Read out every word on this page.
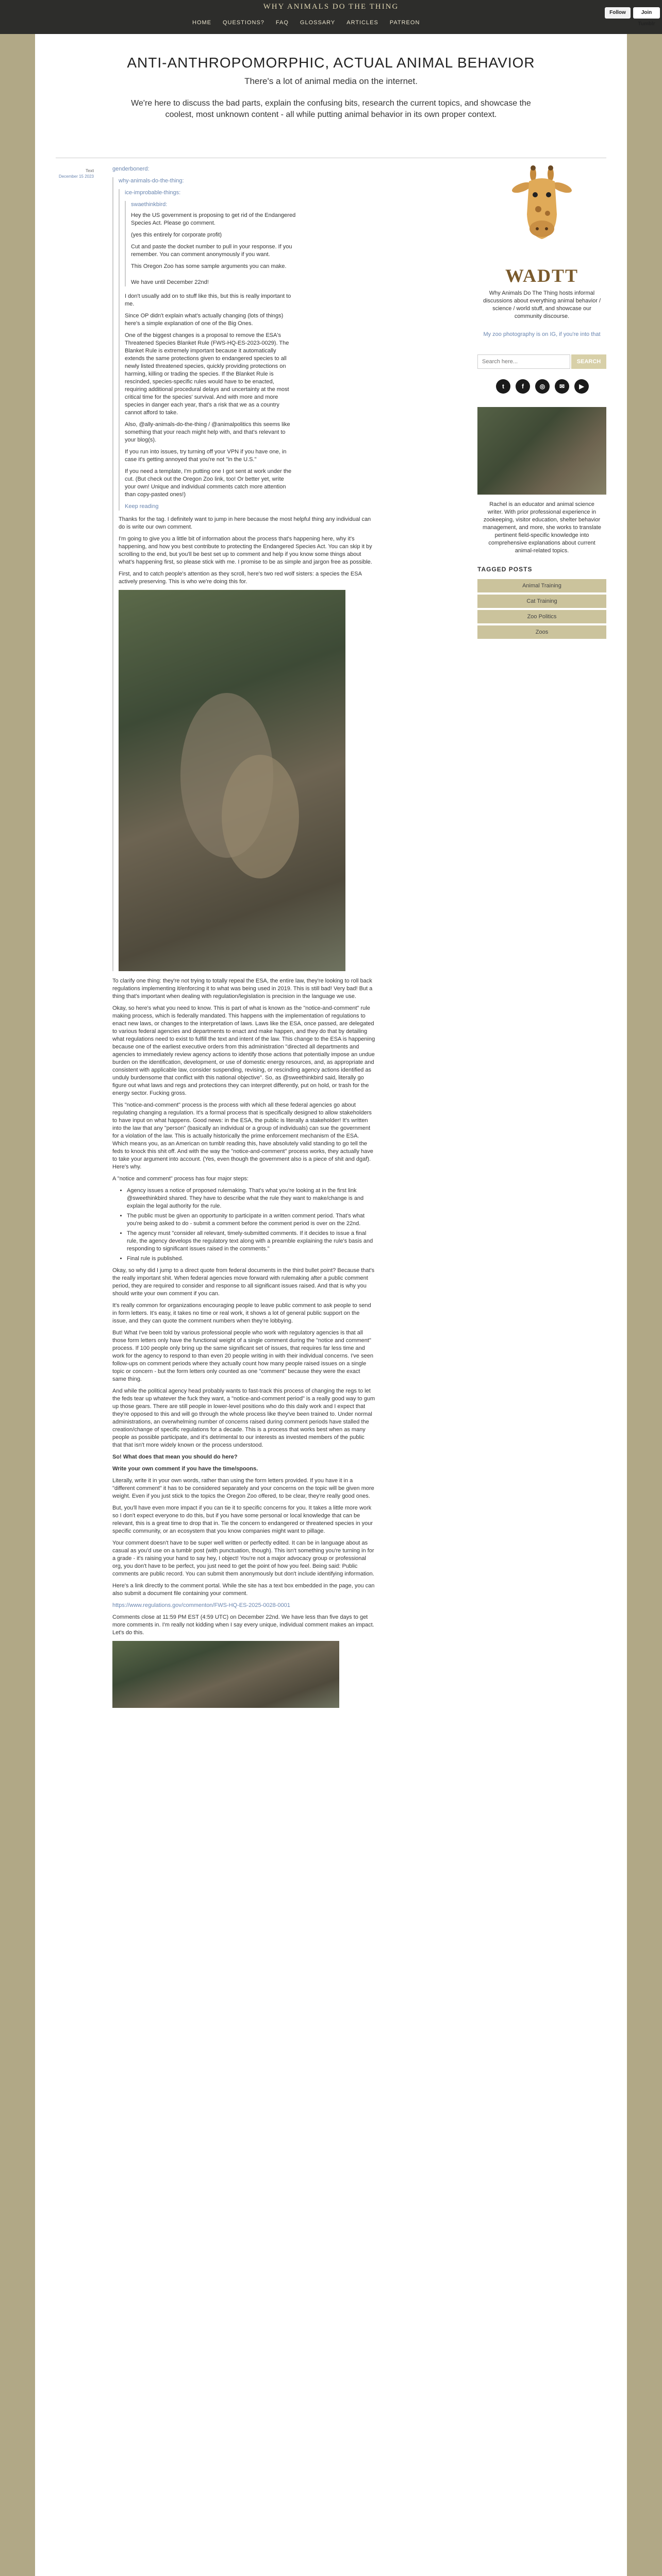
WHY ANIMALS DO THE THING
HOME	QUESTIONS?	FAQ	GLOSSARY	ARTICLES	PATREON
Follow	Join Tumblr
ANTI-ANTHROPOMORPHIC, ACTUAL ANIMAL BEHAVIOR
There's a lot of animal media on the internet.
We're here to discuss the bad parts, explain the confusing bits, research the current topics, and showcase the coolest, most unknown content - all while putting animal behavior in its own proper context.
Text
December 15 2023
genderbonerd:
why-animals-do-the-thing:
ice-improbable-things:
swaethinkbird:

Hey the US government is proposing to get rid of the Endangered Species Act. Please go comment.

(yes this entirely for corporate profit)

Cut and paste the docket number to pull in your response. If you remember. You can comment anonymously if you want.

This Oregon Zoo has some sample arguments you can make.

We have until December 22nd!

I don't usually add on to stuff like this, but this is really important to me.

Since OP didn't explain what's actually changing (lots of things) here's a simple explanation of one of the Big Ones.

One of the biggest changes is a proposal to remove the ESA's Threatened Species Blanket Rule (FWS-HQ-ES-2023-0029). The Blanket Rule is extremely important because it automatically extends the same protections given to endangered species to all newly listed threatened species, quickly providing protections on harming, killing or trading the species. If the Blanket Rule is rescinded, species-specific rules would have to be enacted, requiring additional procedural delays and uncertainty at the most critical time for the species' survival. And with more and more species in danger each year, that's a risk that we as a country cannot afford to take.

Also, @ally-animals-do-the-thing / @animalpolitics this seems like something that your reach might help with, and that's relevant to your blog(s).

If you run into issues, try turning off your VPN if you have one, in case it's getting annoyed that you're not "in the U.S."

If you need a template, I'm putting one I got sent at work under the cut. (But check out the Oregon Zoo link, too! Or better yet, write your own! Unique and individual comments catch more attention than copy-pasted ones!)

Keep reading

Thanks for the tag. I definitely want to jump in here because the most helpful thing any individual can do is write our own comment.

I'm going to give you a little bit of information about the process that's happening here, why it's happening, and how you best contribute to protecting the Endangered Species Act. You can skip it by scrolling to the end, but you'll be best set up to comment and help if you know some things about what's happening first, so please stick with me. I promise to be as simple and jargon free as possible.

First, and to catch people's attention as they scroll, here's two red wolf sisters: a species the ESA actively preserving. This is who we're doing this for.

To clarify one thing: they're not trying to totally repeal the ESA, the entire law, they're looking to roll back regulations implementing it/enforcing it to what was being used in 2019. This is still bad! Very bad! But a thing that's important when dealing with regulation/legislation is precision in the language we use.

Okay, so here's what you need to know. This is part of what is known as the "notice-and-comment" rule making process, which is federally mandated. This happens with the implementation of regulations to enact new laws, or changes to the interpretation of laws. Laws like the ESA, once passed, are delegated to various federal agencies and departments to enact and make happen, and they do that by detailing what regulations need to exist to fulfill the text and intent of the law. This change to the ESA is happening because one of the earliest executive orders from this administration "directed all departments and agencies to immediately review agency actions to identify those actions that potentially impose an undue burden on the identification, development, or use of domestic energy resources, and, as appropriate and consistent with applicable law, consider suspending, revising, or rescinding agency actions identified as unduly burdensome that conflict with this national objective". So, as @sweethinkbird said, literally go figure out what laws and regs and protections they can interpret differently, put on hold, or trash for the energy sector. Fucking gross.

This "notice-and-comment" process is the process with which all these federal agencies go about regulating changing a regulation. It's a formal process that is specifically designed to allow stakeholders to have input on what happens. Good news: in the ESA, the public is literally a stakeholder! It's written into the law that any "person" (basically an individual or a group of individuals) can sue the government for a violation of the law. This is actually historically the prime enforcement mechanism of the ESA. Which means you, as an American on tumblr reading this, have absolutely valid standing to go tell the feds to knock this shit off. And with the way the "notice-and-comment" process works, they actually have to take your argument into account. (Yes, even though the government also is a piece of shit and dgaf). Here's why.

A "notice and comment" process has four major steps:

• Agency issues a notice of proposed rulemaking. That's what you're looking at in the first link @sweethinkbird shared. They have to describe what the rule they want to make/change is and explain the legal authority for the rule.
• The public must be given an opportunity to participate in a written comment period. That's what you're being asked to do - submit a comment before the comment period is over on the 22nd.
• The agency must "consider all relevant, timely-submitted comments. If it decides to issue a final rule, the agency develops the regulatory text along with a preamble explaining the rule's basis and responding to significant issues raised in the comments."
• Final rule is published.

Okay, so why did I jump to a direct quote from federal documents in the third bullet point? Because that's the really important shit. When federal agencies move forward with rulemaking after a public comment period, they are required to consider and response to all significant issues raised. And that is why you should write your own comment if you can.

It's really common for organizations encouraging people to leave public comment to ask people to send in form letters. It's easy, it takes no time or real work, it shows a lot of general public support on the issue, and they can quote the comment numbers when they're lobbying.

But! What I've been told by various professional people who work with regulatory agencies is that all those form letters only have the functional weight of a single comment during the "notice and comment" process. If 100 people only bring up the same significant set of issues, that requires far less time and work for the agency to respond to than even 20 people writing in with their individual concerns. I've seen follow-ups on comment periods where they actually count how many people raised issues on a single topic or concern - but the form letters only counted as one "comment" because they were the exact same thing.

And while the political agency head probably wants to fast-track this process of changing the regs to let the feds tear up whatever the fuck they want, a "notice-and-comment period" is a really good way to gum up those gears. There are still people in lower-level positions who do this daily work and I expect that they're opposed to this and will go through the whole process like they've been trained to. Under normal administrations, an overwhelming number of concerns raised during comment periods have stalled the creation/change of specific regulations for a decade. This is a process that works best when as many people as possible participate, and it's detrimental to our interests as invested members of the public that that isn't more widely known or the process understood.

So! What does that mean you should do here?

Write your own comment if you have the time/spoons.

Literally, write it in your own words, rather than using the form letters provided. If you have it in a "different comment" it has to be considered separately and your concerns on the topic will be given more weight. Even if you just stick to the topics the Oregon Zoo offered, to be clear, they're really good ones.

But, you'll have even more impact if you can tie it to specific concerns for you. It takes a little more work so I don't expect everyone to do this, but if you have some personal or local knowledge that can be relevant, this is a great time to drop that in. Tie the concern to endangered or threatened species in your specific community, or an ecosystem that you know companies might want to pillage.

Your comment doesn't have to be super well written or perfectly edited. It can be in language about as casual as you'd use on a tumblr post (with punctuation, though). This isn't something you're turning in for a grade - it's raising your hand to say hey, I object! You're not a major advocacy group or professional org, you don't have to be perfect, you just need to get the point of how you feel. Being said: Public comments are public record. You can submit them anonymously but don't include identifying information.

Here's a link directly to the comment portal. While the site has a text box embedded in the page, you can also submit a document file containing your comment.

https://www.regulations.gov/commenton/FWS-HQ-ES-2025-0028-0001

Comments close at 11:59 PM EST (4:59 UTC) on December 22nd. We have less than five days to get more comments in. I'm really not kidding when I say every unique, individual comment makes an impact. Let's do this.

WADTT
Why Animals Do The Thing hosts informal discussions about everything animal behavior / science / world stuff, and showcase our community discourse.
My zoo photography is on IG, if you're into that
Search here...
SEARCH
t	f	◎	✉	▶
Rachel is an educator and animal science writer. With prior professional experience in zookeeping, visitor education, shelter behavior management, and more, she works to translate pertinent field-specific knowledge into comprehensive explanations about current animal-related topics.
TAGGED POSTS
Animal Training
Cat Training
Zoo Politics
Zoos
